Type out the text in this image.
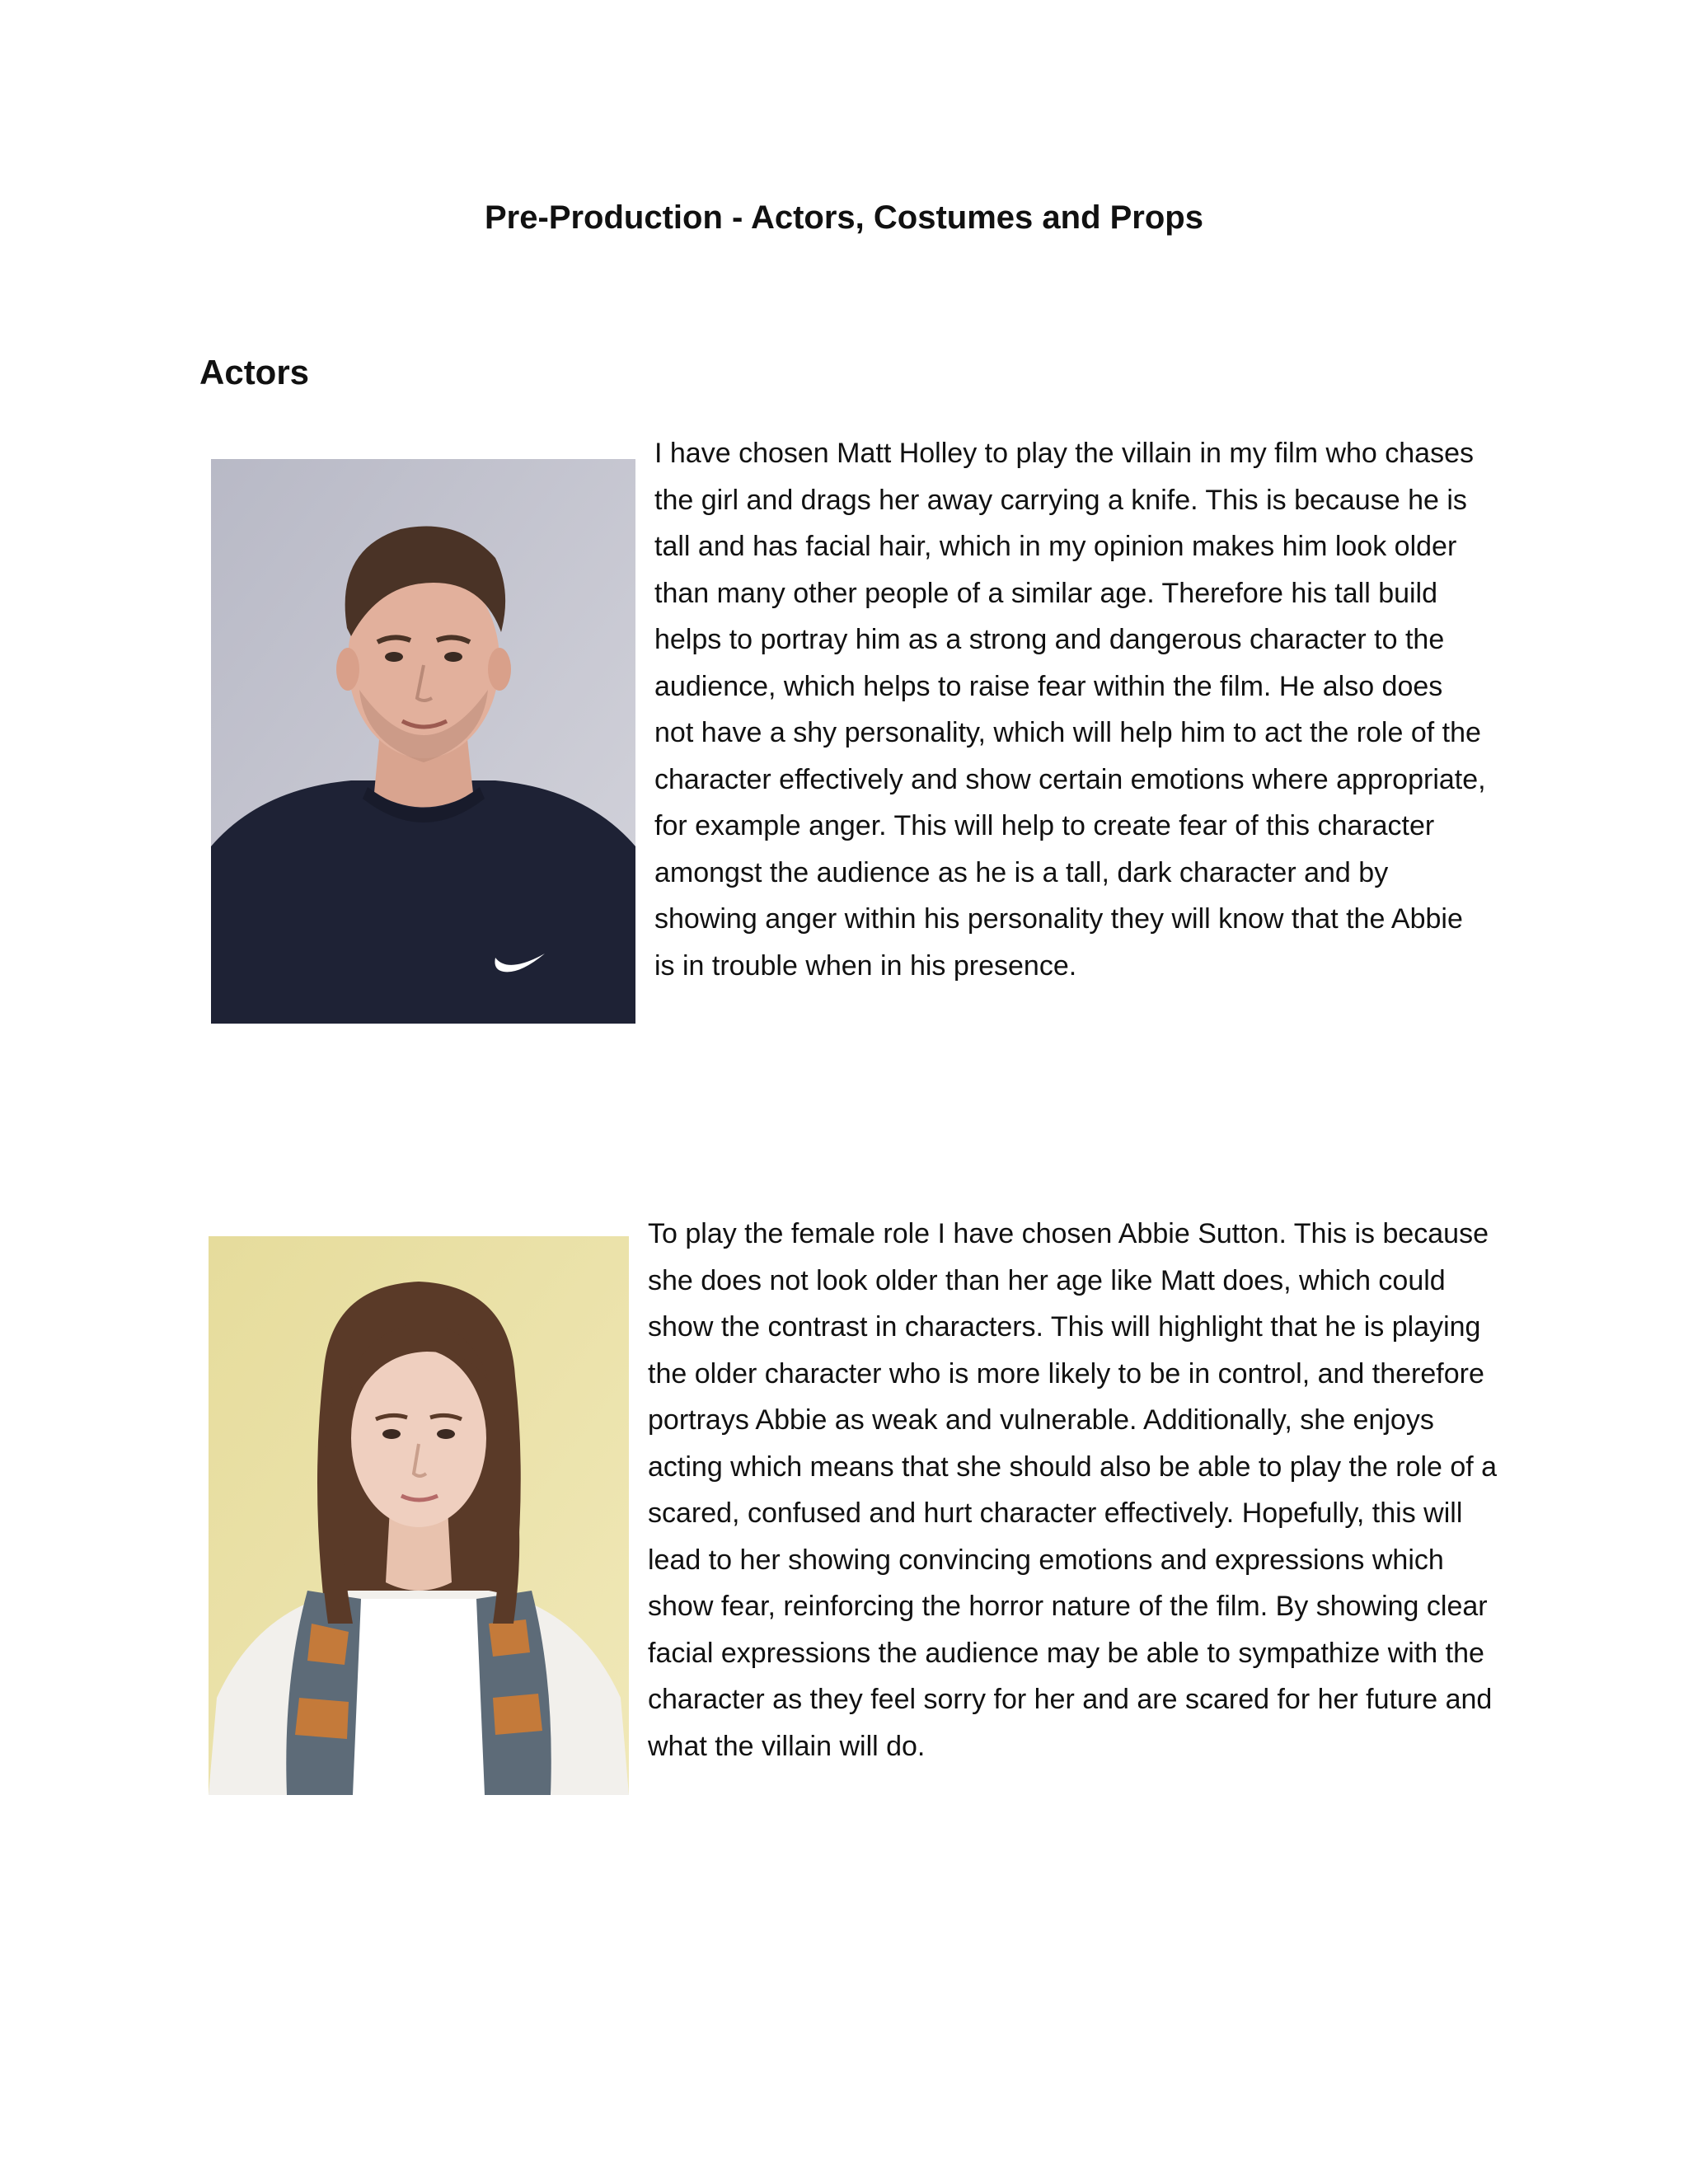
Pre-Production - Actors, Costumes and Props
Actors

I have chosen Matt Holley to play the villain in my film who chases the girl and drags her away carrying a knife. This is because he is tall and has facial hair, which in my opinion makes him look older than many other people of a similar age. Therefore his tall build helps to portray him as a strong and dangerous character to the audience, which helps to raise fear within the film. He also does not have a shy personality, which will help him to act the role of the character effectively and show certain emotions where appropriate, for example anger. This will help to create fear of this character amongst the audience as he is a tall, dark character and by showing anger within his personality they will know that the Abbie is in trouble when in his presence.

To play the female role I have chosen Abbie Sutton. This is because she does not look older than her age like Matt does, which could show the contrast in characters. This will highlight that he is playing the older character who is more likely to be in control, and therefore portrays Abbie as weak and vulnerable. Additionally, she enjoys acting which means that she should also be able to play the role of a scared, confused and hurt character effectively. Hopefully, this will lead to her showing convincing emotions and expressions which show fear, reinforcing the horror nature of the film. By showing clear facial expressions the audience may be able to sympathize with the character as they feel sorry for her and are scared for her future and what the villain will do.
